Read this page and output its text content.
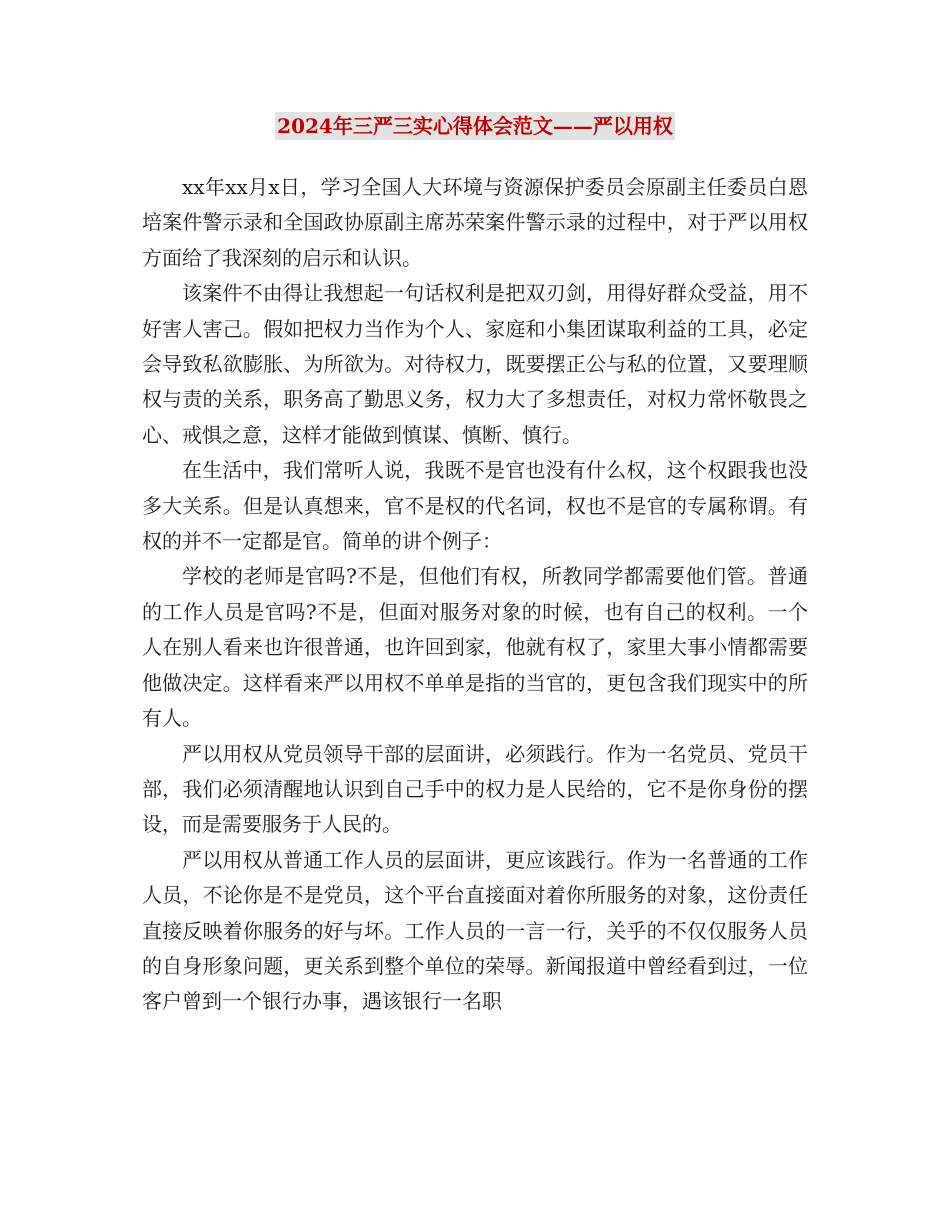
2024年三严三实心得体会范文——严以用权

xx年xx月x日，学习全国人大环境与资源保护委员会原副主任委员白恩培案件警示录和全国政协原副主席苏荣案件警示录的过程中，对于严以用权方面给了我深刻的启示和认识。

该案件不由得让我想起一句话权利是把双刃剑，用得好群众受益，用不好害人害己。假如把权力当作为个人、家庭和小集团谋取利益的工具，必定会导致私欲膨胀、为所欲为。对待权力，既要摆正公与私的位置，又要理顺权与责的关系，职务高了勤思义务，权力大了多想责任，对权力常怀敬畏之心、戒惧之意，这样才能做到慎谋、慎断、慎行。

在生活中，我们常听人说，我既不是官也没有什么权，这个权跟我也没多大关系。但是认真想来，官不是权的代名词，权也不是官的专属称谓。有权的并不一定都是官。简单的讲个例子：

学校的老师是官吗?不是，但他们有权，所教同学都需要他们管。普通的工作人员是官吗?不是，但面对服务对象的时候，也有自己的权利。一个人在别人看来也许很普通，也许回到家，他就有权了，家里大事小情都需要他做决定。这样看来严以用权不单单是指的当官的，更包含我们现实中的所有人。

严以用权从党员领导干部的层面讲，必须践行。作为一名党员、党员干部，我们必须清醒地认识到自己手中的权力是人民给的，它不是你身份的摆设，而是需要服务于人民的。

严以用权从普通工作人员的层面讲，更应该践行。作为一名普通的工作人员，不论你是不是党员，这个平台直接面对着你所服务的对象，这份责任直接反映着你服务的好与坏。工作人员的一言一行，关乎的不仅仅服务人员的自身形象问题，更关系到整个单位的荣辱。新闻报道中曾经看到过，一位客户曾到一个银行办事，遇该银行一名职
